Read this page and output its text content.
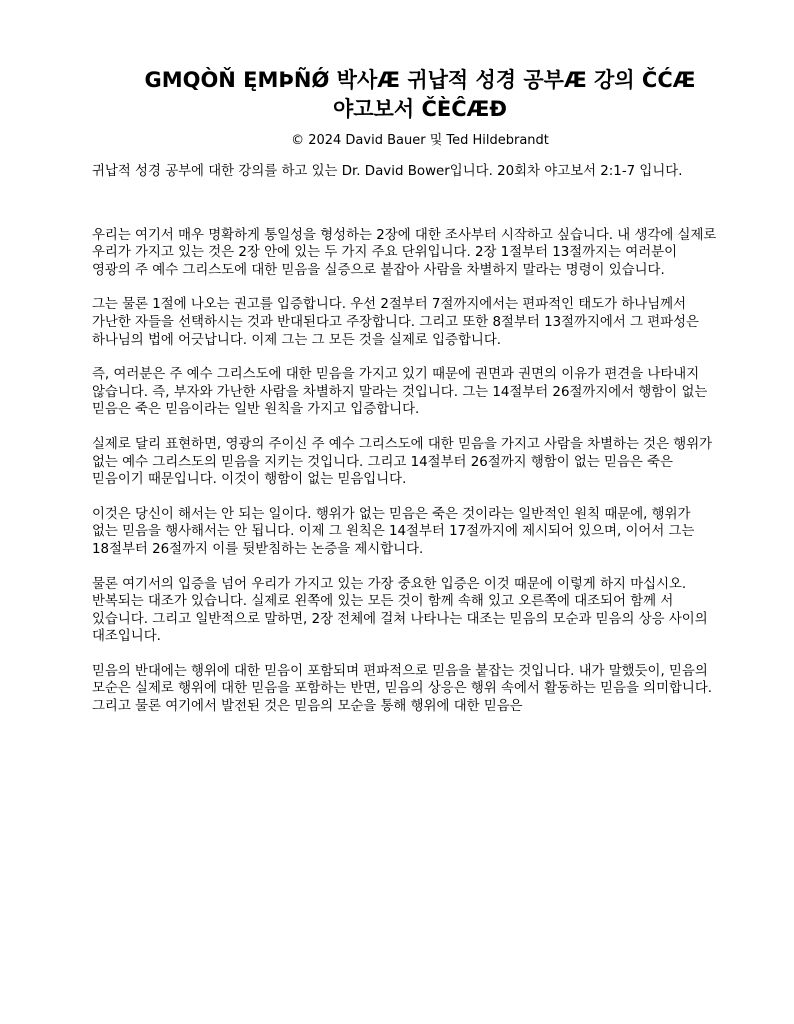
GMQÒŇ ĘMÞÑǾ 박사Æ 귀납적 성경 공부Æ 강의 ČĆÆ
야고보서 ČÈĈÆĐ

© 2024 David Bauer 및 Ted Hildebrandt

귀납적 성경 공부에 대한 강의를 하고 있는 Dr. David Bower입니다. 20회차 야고보서 2:1-7 입니다.

우리는 여기서 매우 명확하게 통일성을 형성하는 2장에 대한 조사부터 시작하고 싶습니다. 내 생각에 실제로 우리가 가지고 있는 것은 2장 안에 있는 두 가지 주요 단위입니다. 2장 1절부터 13절까지는 여러분이 영광의 주 예수 그리스도에 대한 믿음을 실증으로 붙잡아 사람을 차별하지 말라는 명령이 있습니다.

그는 물론 1절에 나오는 권고를 입증합니다. 우선 2절부터 7절까지에서는 편파적인 태도가 하나님께서 가난한 자들을 선택하시는 것과 반대된다고 주장합니다. 그리고 또한 8절부터 13절까지에서 그 편파성은 하나님의 법에 어긋납니다. 이제 그는 그 모든 것을 실제로 입증합니다.

즉, 여러분은 주 예수 그리스도에 대한 믿음을 가지고 있기 때문에 권면과 권면의 이유가 편견을 나타내지 않습니다. 즉, 부자와 가난한 사람을 차별하지 말라는 것입니다. 그는 14절부터 26절까지에서 행함이 없는 믿음은 죽은 믿음이라는 일반 원칙을 가지고 입증합니다.

실제로 달리 표현하면, 영광의 주이신 주 예수 그리스도에 대한 믿음을 가지고 사람을 차별하는 것은 행위가 없는 예수 그리스도의 믿음을 지키는 것입니다. 그리고 14절부터 26절까지 행함이 없는 믿음은 죽은 믿음이기 때문입니다. 이것이 행함이 없는 믿음입니다.

이것은 당신이 해서는 안 되는 일이다. 행위가 없는 믿음은 죽은 것이라는 일반적인 원칙 때문에, 행위가 없는 믿음을 행사해서는 안 됩니다. 이제 그 원칙은 14절부터 17절까지에 제시되어 있으며, 이어서 그는 18절부터 26절까지 이를 뒷받침하는 논증을 제시합니다.

물론 여기서의 입증을 넘어 우리가 가지고 있는 가장 중요한 입증은 이것 때문에 이렇게 하지 마십시오. 반복되는 대조가 있습니다. 실제로 왼쪽에 있는 모든 것이 함께 속해 있고 오른쪽에 대조되어 함께 서 있습니다. 그리고 일반적으로 말하면, 2장 전체에 걸쳐 나타나는 대조는 믿음의 모순과 믿음의 상응 사이의 대조입니다.

믿음의 반대에는 행위에 대한 믿음이 포함되며 편파적으로 믿음을 붙잡는 것입니다. 내가 말했듯이, 믿음의 모순은 실제로 행위에 대한 믿음을 포함하는 반면, 믿음의 상응은 행위 속에서 활동하는 믿음을 의미합니다. 그리고 물론 여기에서 발전된 것은 믿음의 모순을 통해 행위에 대한 믿음은
